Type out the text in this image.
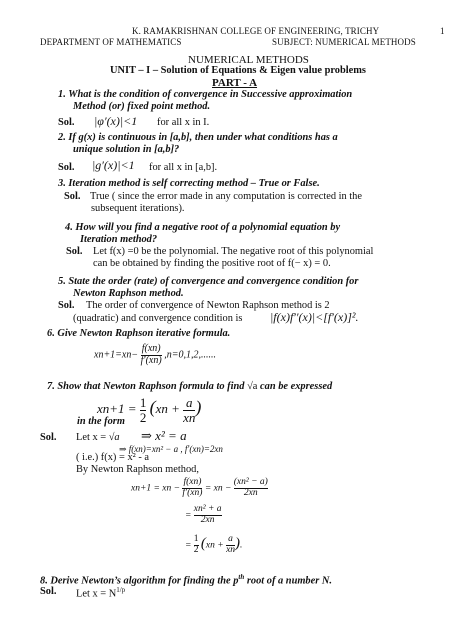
K. RAMAKRISHNAN COLLEGE OF ENGINEERING, TRICHY	1
DEPARTMENT OF MATHEMATICS	SUBJECT: NUMERICAL METHODS
NUMERICAL METHODS
UNIT – I – Solution of Equations & Eigen value problems
PART - A
1. What is the condition of convergence in Successive approximation
Method (or) fixed point method.
Sol. |φ′(x)|<1 for all x in I.
2. If g(x) is continuous in [a,b], then under what conditions has a
unique solution in [a,b]?
Sol. |g′(x)|<1 for all x in [a,b].
3. Iteration method is self correcting method – True or False.
Sol. True ( since the error made in any computation is corrected in the
subsequent iterations).
4. How will you find a negative root of a polynomial equation by
Iteration method?
Sol. Let f(x) =0 be the polynomial. The negative root of this polynomial
can be obtained by finding the positive root of f(− x) = 0.
5. State the order (rate) of convergence and convergence condition for
Newton Raphson method.
Sol. The order of convergence of Newton Raphson method is 2
(quadratic) and convergence condition is |f(x)f′′(x)|<[f′(x)]².
6. Give Newton Raphson iterative formula.
$xn+1=xn- \frac{f(xn)}{f'(xn)} ,n=0,1,2$,......
7. Show that Newton Raphson formula to find √a can be expressed
$xn+1 = \frac{1}{2} (xn + \frac{a}{xn}$ )
in the form
Sol. Let x = √a ⇒ x² = a
⇒ f(xn)=xn² − a , f′(xn)=2xn
( i.e.) f(x) = x² - a
By Newton Raphson method,
xn+1 = xn − $\frac{f(xn)}{f'(xn)}$ = xn − $\frac{\text{(xn² − a)}}{2xn}$
= $\frac{\text{xn² + a}}{2xn}$
= $\frac{1}{2} (xn + \frac{a}{xn}$ ).
8. Derive Newton’s algorithm for finding the $p^{th}$ root of a number N.
Sol. Let $x = N^{1/p}$
